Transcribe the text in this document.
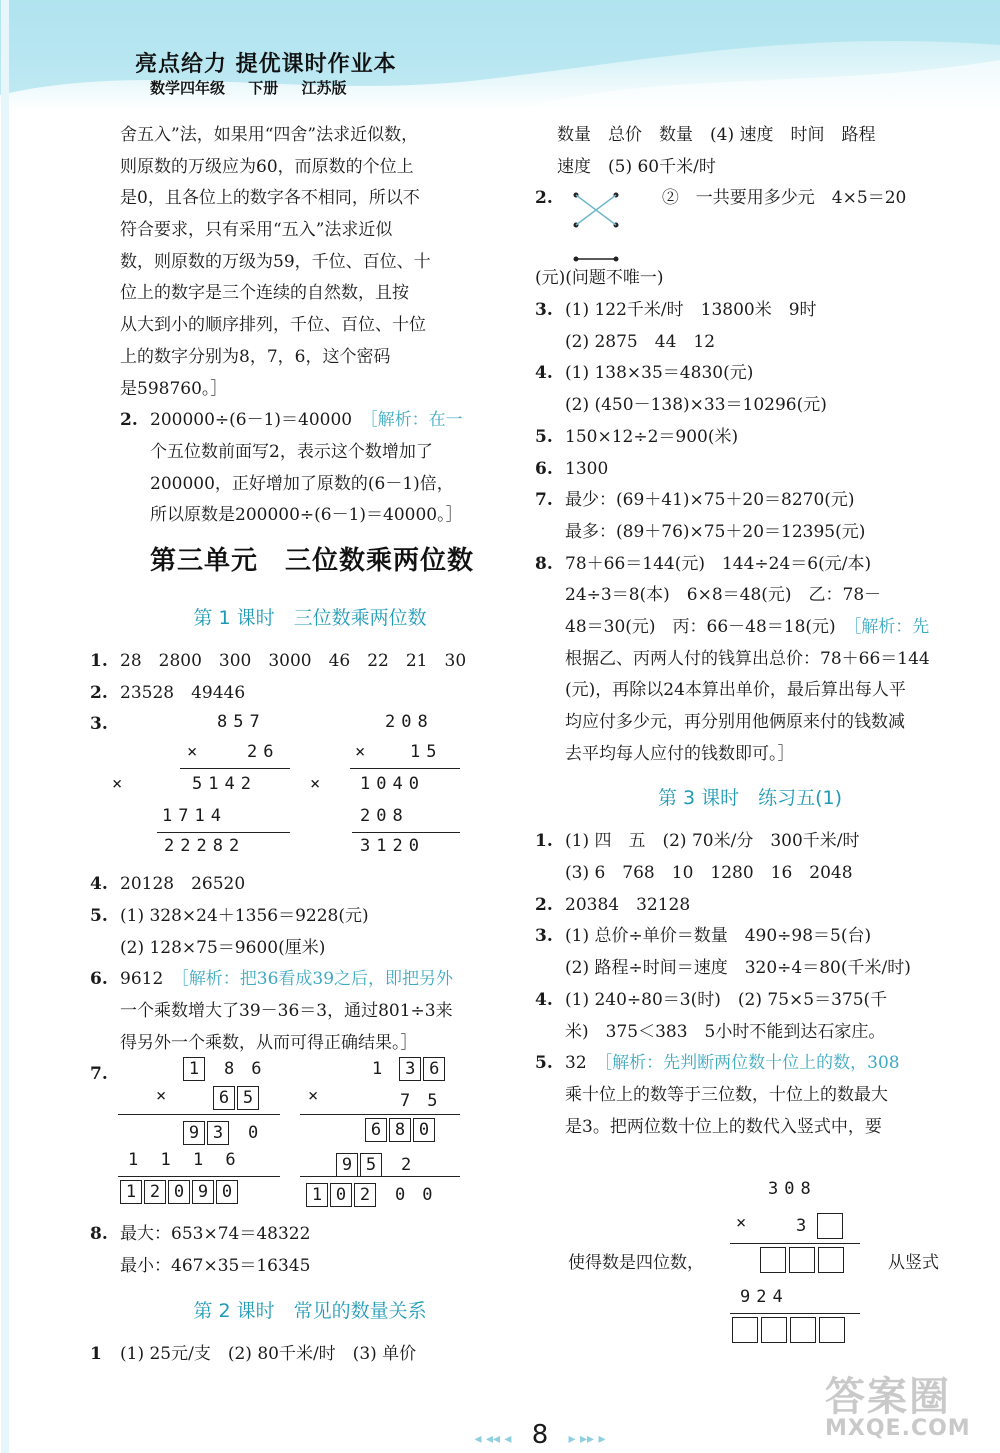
亮点给力 提优课时作业本
数学四年级 下册 江苏版
舍五入”法，如果用“四舍”法求近似数，
则原数的万级应为60，而原数的个位上
是0，且各位上的数字各不相同，所以不
符合要求，只有采用“五入”法求近似
数，则原数的万级为59，千位、百位、十
位上的数字是三个连续的自然数，且按
从大到小的顺序排列，千位、百位、十位
上的数字分别为8，7，6，这个密码
是598760。］
2. 200000÷(6－1)＝40000　 ［解析：在一
个五位数前面写2，表示这个数增加了
200000，正好增加了原数的(6－1)倍，
所以原数是200000÷(6－1)＝40000。］
第三单元　三位数乘两位数
第 1 课时　三位数乘两位数
1. 28　2800　300　3000　46　22　21　30
2. 23528　49446
3.
4. 20128　26520
5. (1) 328×24＋1356＝9228(元)
(2) 128×75＝9600(厘米)
6. 9612　 ［解析：把36看成39之后，即把另外
一个乘数增大了39－36＝3，通过801÷3来
得另外一个乘数，从而可得正确结果。］
7.
8. 最大：653×74＝48322
最小：467×35＝16345
第 2 课时　常见的数量关系
1 (1) 25元/支　(2) 80千米/时　(3) 单价
857
×	26
×	5142
1714
22282
208
× 15
× 1040
208
3120
1　 8　 6
×	6 5
9 3　 0
1 1 1 6
1 2 0 9 0
1　 3 6
×	7　 5
6 8 0
9 5　 2
1 0 2　 0　 0
数量　总价　数量　(4) 速度　时间　路程
速度　(5) 60千米/时
2.	②　一共要用多少元　4×5＝20
(元)(问题不唯一)
3. (1) 122千米/时　13800米　9时
(2) 2875　44　12
4. (1) 138×35＝4830(元)
(2) (450－138)×33＝10296(元)
5. 150×12÷2＝900(米)
6. 1300
7. 最少：(69＋41)×75＋20＝8270(元)
最多：(89＋76)×75＋20＝12395(元)
8. 78＋66＝144(元)　144÷24＝6(元/本)
24÷3＝8(本)　6×8＝48(元)　乙：78－
48＝30(元)　丙：66－48＝18(元)　 ［解析：先
根据乙、丙两人付的钱算出总价：78＋66＝144
(元)，再除以24本算出单价，最后算出每人平
均应付多少元，再分别用他俩原来付的钱数减
去平均每人应付的钱数即可。］
第 3 课时　练习五(1)
1. (1) 四　五　(2) 70米/分　300千米/时
(3) 6　768　10　1280　16　2048
2. 20384　32128
3. (1) 总价÷单价＝数量　490÷98＝5(台)
(2) 路程÷时间＝速度　320÷4＝80(千米/时)
4. (1) 240÷80＝3(时)　(2) 75×5＝375(千
米)　375＜383　5小时不能到达石家庄。
5. 32　 ［解析：先判断两位数十位上的数，308
乘十位上的数等于三位数，十位上的数最大
是3。把两位数十位上的数代入竖式中，要
308
×	3
924
使得数是四位数，	从竖式
◂ ◂◂ ◂ 8 ▸ ▸▸ ▸
答案圈
MXQE.COM
